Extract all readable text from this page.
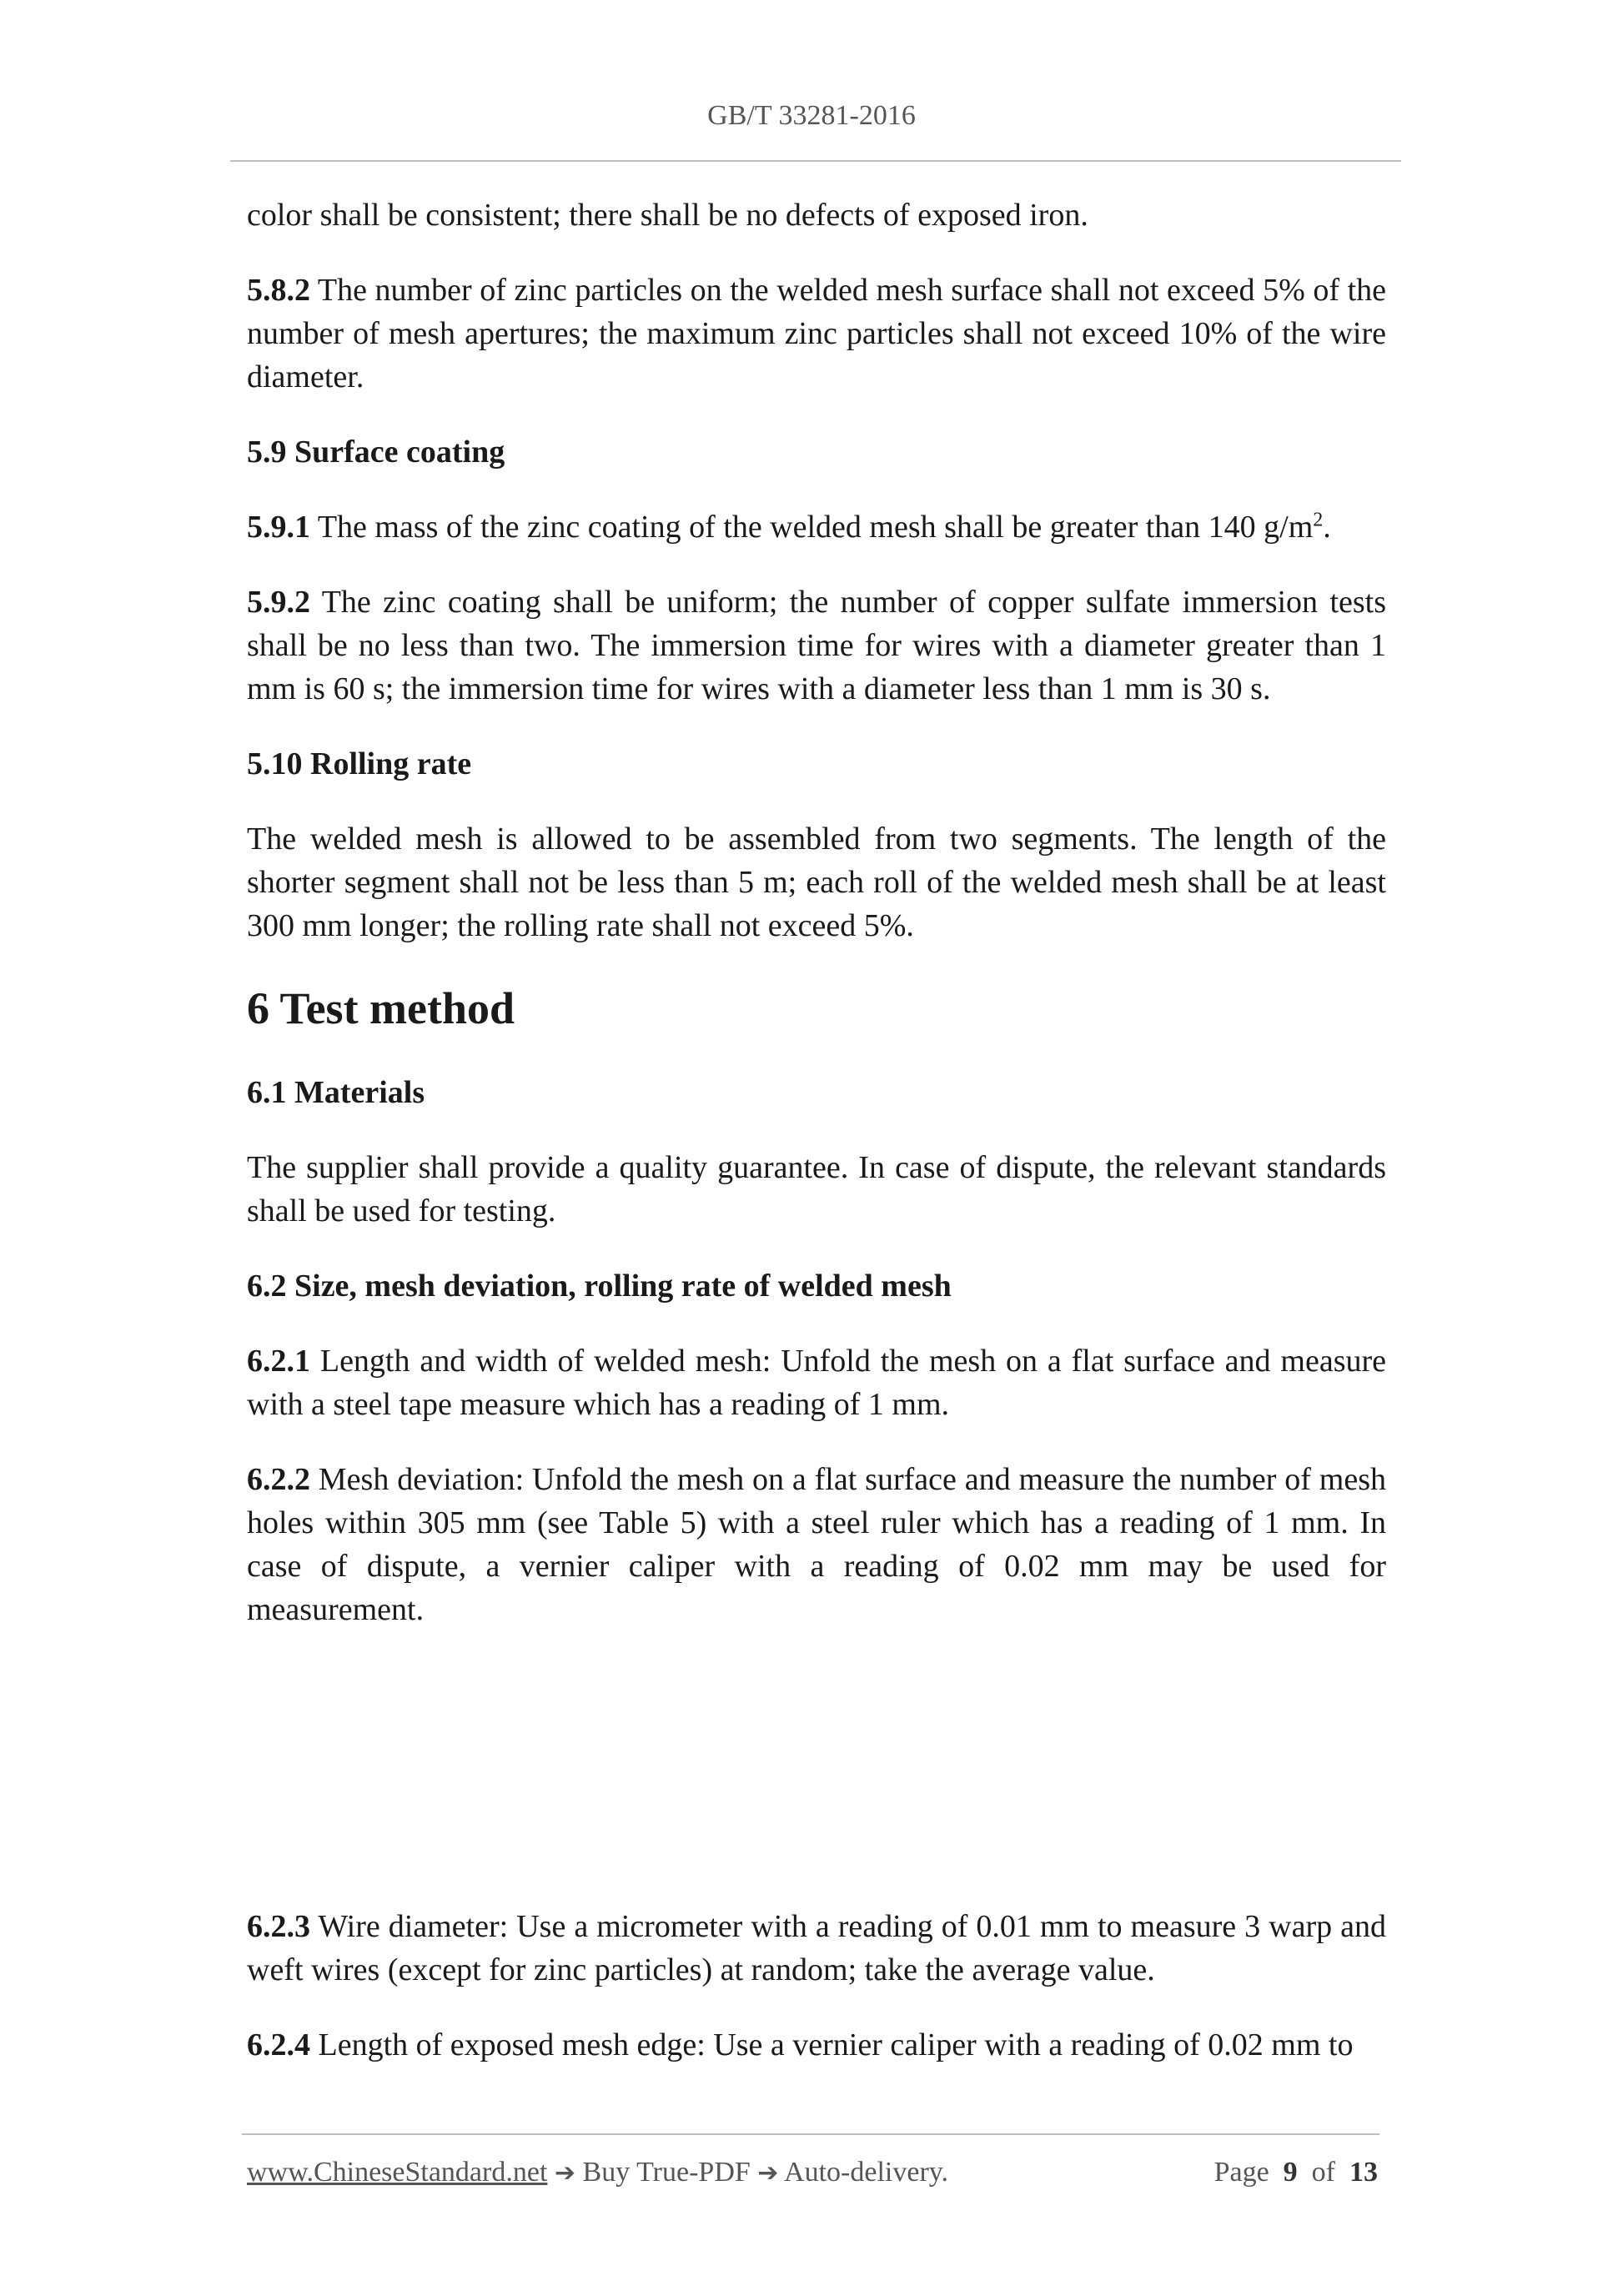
GB/T 33281-2016

color shall be consistent; there shall be no defects of exposed iron.

5.8.2 The number of zinc particles on the welded mesh surface shall not exceed 5% of the number of mesh apertures; the maximum zinc particles shall not exceed 10% of the wire diameter.

5.9 Surface coating

5.9.1 The mass of the zinc coating of the welded mesh shall be greater than 140 $g/m^2$.

5.9.2 The zinc coating shall be uniform; the number of copper sulfate immersion tests shall be no less than two. The immersion time for wires with a diameter greater than 1 mm is 60 s; the immersion time for wires with a diameter less than 1 mm is 30 s.

5.10 Rolling rate

The welded mesh is allowed to be assembled from two segments. The length of the shorter segment shall not be less than 5 m; each roll of the welded mesh shall be at least 300 mm longer; the rolling rate shall not exceed 5%.

6 Test method

6.1 Materials

The supplier shall provide a quality guarantee. In case of dispute, the relevant standards shall be used for testing.

6.2 Size, mesh deviation, rolling rate of welded mesh

6.2.1 Length and width of welded mesh: Unfold the mesh on a flat surface and measure with a steel tape measure which has a reading of 1 mm.

6.2.2 Mesh deviation: Unfold the mesh on a flat surface and measure the number of mesh holes within 305 mm (see Table 5) with a steel ruler which has a reading of 1 mm. In case of dispute, a vernier caliper with a reading of 0.02 mm may be used for measurement.

6.2.3 Wire diameter: Use a micrometer with a reading of 0.01 mm to measure 3 warp and weft wires (except for zinc particles) at random; take the average value.

6.2.4 Length of exposed mesh edge: Use a vernier caliper with a reading of 0.02 mm to

www.ChineseStandard.net ➔ Buy True-PDF ➔ Auto-delivery.	Page 9 of 13
